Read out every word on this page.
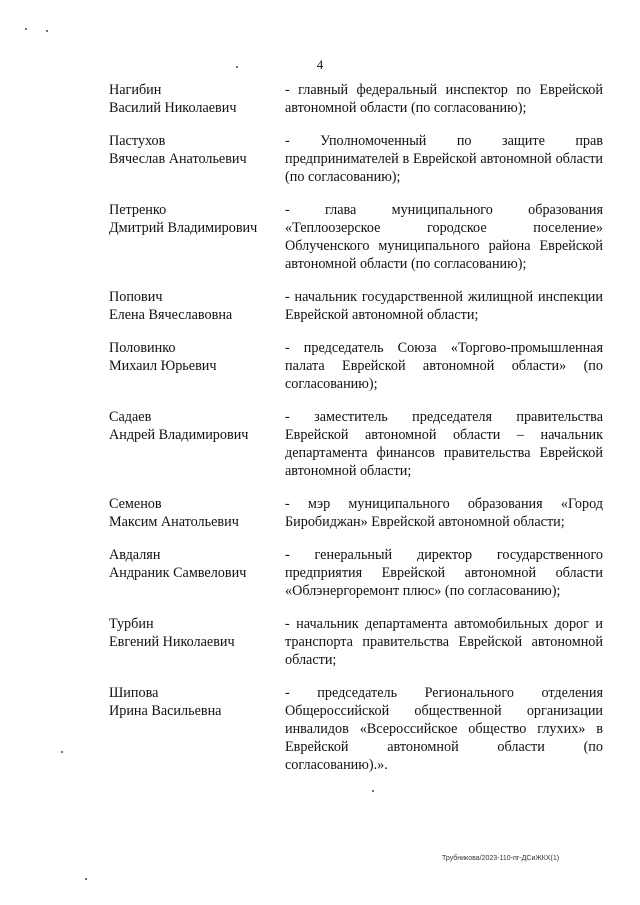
4
Нагибин
Василий Николаевич
- главный федеральный инспектор по Еврейской автономной области (по согласованию);
Пастухов
Вячеслав Анатольевич
- Уполномоченный по защите прав предпринимателей в Еврейской автономной области (по согласованию);
Петренко
Дмитрий Владимирович
- глава муниципального образования «Теплоозерское городское поселение» Облученского муниципального района Еврейской автономной области (по согласованию);
Попович
Елена Вячеславовна
- начальник государственной жилищной инспекции Еврейской автономной области;
Половинко
Михаил Юрьевич
- председатель Союза «Торгово-промышленная палата Еврейской автономной области» (по согласованию);
Садаев
Андрей Владимирович
- заместитель председателя правительства Еврейской автономной области – начальник департамента финансов правительства Еврейской автономной области;
Семенов
Максим Анатольевич
- мэр муниципального образования «Город Биробиджан» Еврейской автономной области;
Авдалян
Андраник Самвелович
- генеральный директор государственного предприятия Еврейской автономной области «Облэнергоремонт плюс» (по согласованию);
Турбин
Евгений Николаевич
- начальник департамента автомобильных дорог и транспорта правительства Еврейской автономной области;
Шипова
Ирина Васильевна
- председатель Регионального отделения Общероссийской общественной организации инвалидов «Всероссийское общество глухих» в Еврейской автономной области (по согласованию).».
Трубникова/2023-110-пг-ДСиЖКХ(1)
